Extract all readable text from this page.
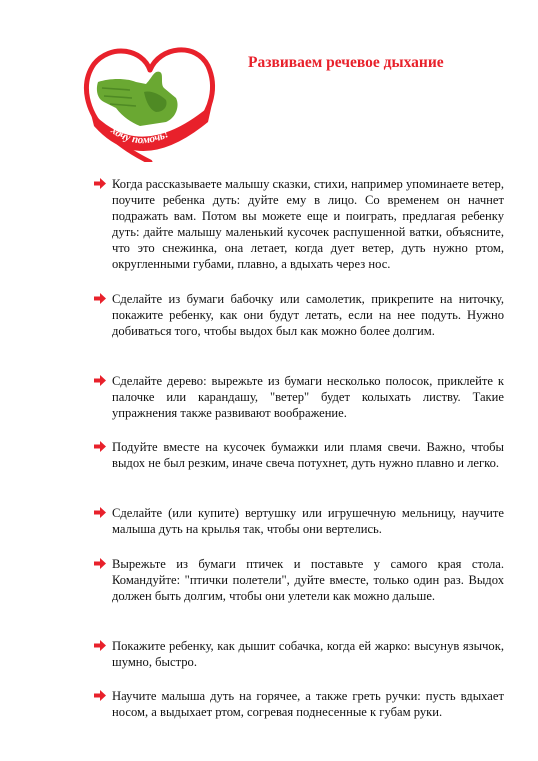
хочу помочь!
Развиваем речевое дыхание
Когда рассказываете малышу сказки, стихи, например упоминаете ветер, поучите ребенка дуть: дуйте ему в лицо. Со временем он начнет подражать вам. Потом вы можете еще и поиграть, предлагая ребенку дуть: дайте малышу маленький кусочек распушенной ватки, объясните, что это снежинка, она летает, когда дует ветер, дуть нужно ртом, округленными губами, плавно, а вдыхать через нос.
Сделайте из бумаги бабочку или самолетик, прикрепите на ниточку, покажите ребенку, как они будут летать, если на нее подуть. Нужно добиваться того, чтобы выдох был как можно более долгим.
Сделайте дерево: вырежьте из бумаги несколько полосок, приклейте к палочке или карандашу, "ветер" будет колыхать листву. Такие упражнения также развивают воображение.
Подуйте вместе на кусочек бумажки или пламя свечи. Важно, чтобы выдох не был резким, иначе свеча потухнет, дуть нужно плавно и легко.
Сделайте (или купите) вертушку или игрушечную мельницу, научите малыша дуть на крылья так, чтобы они вертелись.
Вырежьте из бумаги птичек и поставьте у самого края стола. Командуйте: "птички полетели", дуйте вместе, только один раз. Выдох должен быть долгим, чтобы они улетели как можно дальше.
Покажите ребенку, как дышит собачка, когда ей жарко: высунув язычок, шумно, быстро.
Научите малыша дуть на горячее, а также греть ручки: пусть вдыхает носом, а выдыхает ртом, согревая поднесенные к губам руки.
